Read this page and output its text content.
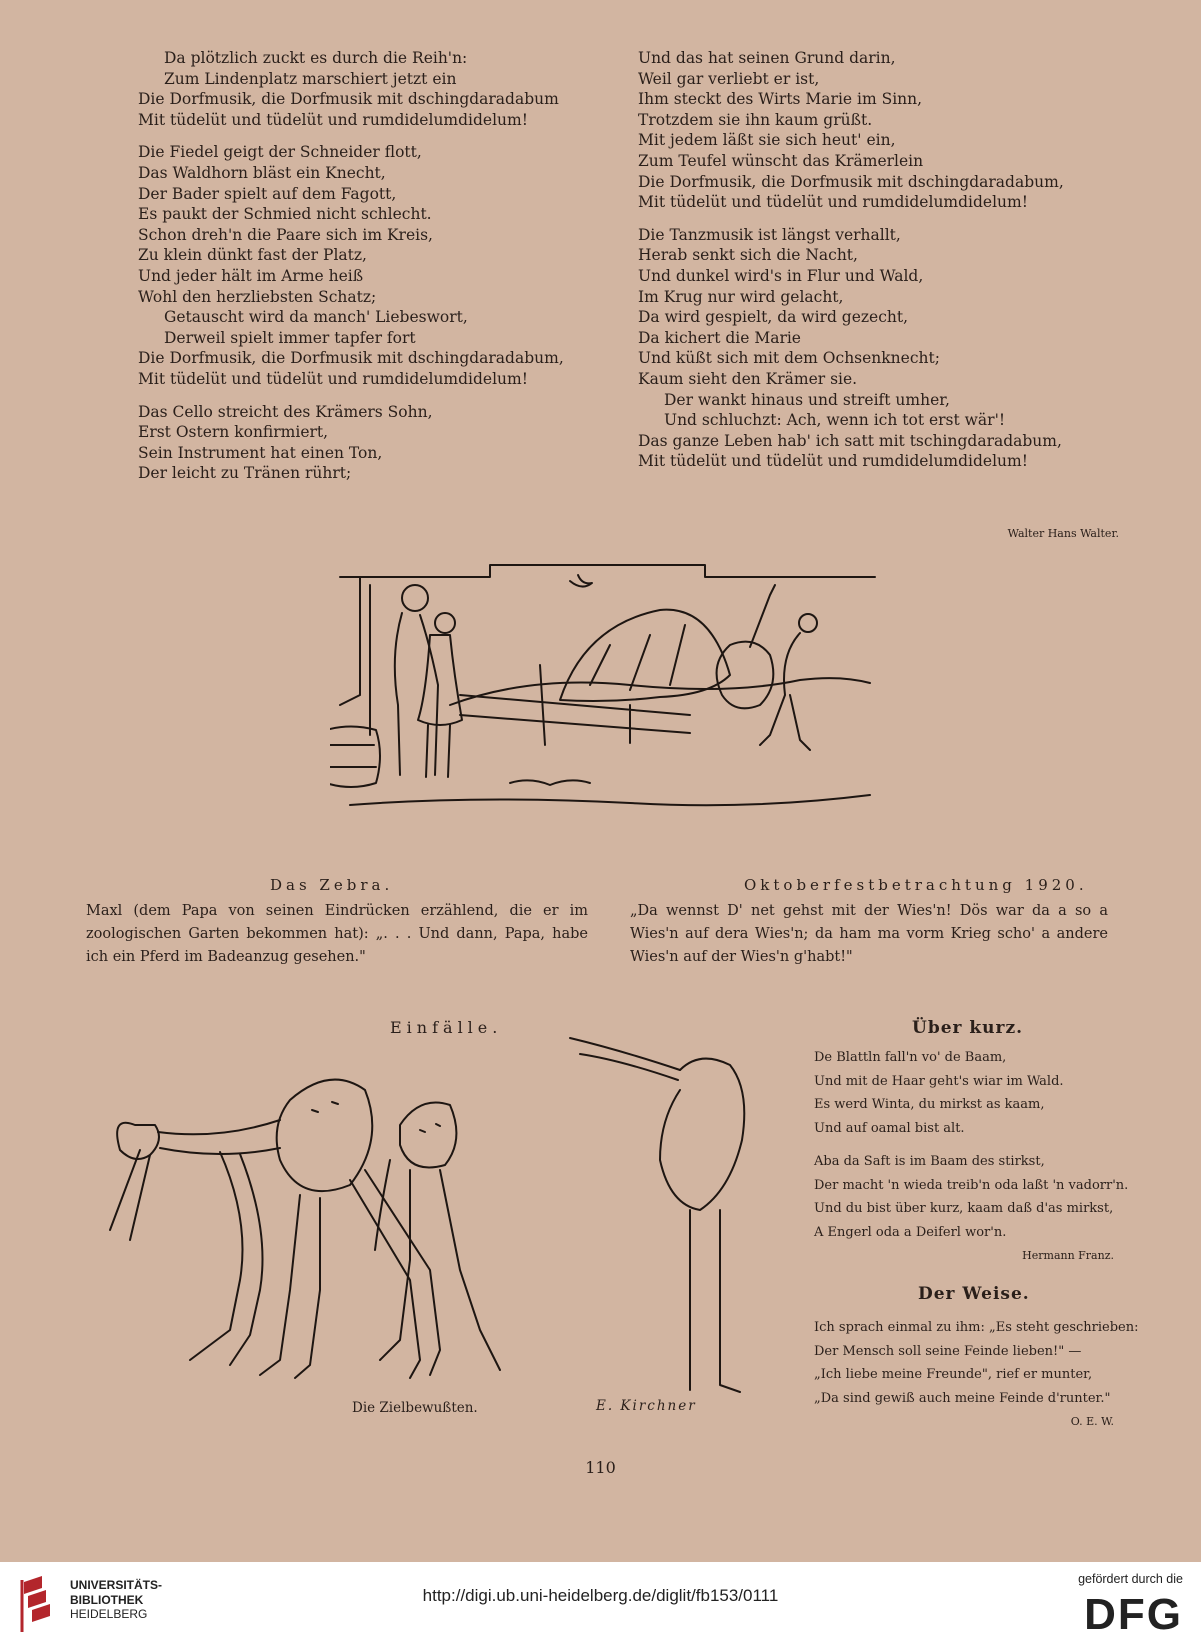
Da plötzlich zuckt es durch die Reih'n:
Zum Lindenplatz marschiert jetzt ein
Die Dorfmusik, die Dorfmusik mit dschingdaradabum
Mit tüdelüt und tüdelüt und rumdidelumdidelum!
Die Fiedel geigt der Schneider flott,
Das Waldhorn bläst ein Knecht,
Der Bader spielt auf dem Fagott,
Es paukt der Schmied nicht schlecht.
Schon dreh'n die Paare sich im Kreis,
Zu klein dünkt fast der Platz,
Und jeder hält im Arme heiß
Wohl den herzliebsten Schatz;
Getauscht wird da manch' Liebeswort,
Derweil spielt immer tapfer fort
Die Dorfmusik, die Dorfmusik mit dschingdaradabum,
Mit tüdelüt und tüdelüt und rumdidelumdidelum!
Das Cello streicht des Krämers Sohn,
Erst Ostern konfirmiert,
Sein Instrument hat einen Ton,
Der leicht zu Tränen rührt;
Und das hat seinen Grund darin,
Weil gar verliebt er ist,
Ihm steckt des Wirts Marie im Sinn,
Trotzdem sie ihn kaum grüßt.
Mit jedem läßt sie sich heut' ein,
Zum Teufel wünscht das Krämerlein
Die Dorfmusik, die Dorfmusik mit dschingdaradabum,
Mit tüdelüt und tüdelüt und rumdidelumdidelum!
Die Tanzmusik ist längst verhallt,
Herab senkt sich die Nacht,
Und dunkel wird's in Flur und Wald,
Im Krug nur wird gelacht,
Da wird gespielt, da wird gezecht,
Da kichert die Marie
Und küßt sich mit dem Ochsenknecht;
Kaum sieht den Krämer sie.
Der wankt hinaus und streift umher,
Und schluchzt: Ach, wenn ich tot erst wär'!
Das ganze Leben hab' ich satt mit tschingdaradabum,
Mit tüdelüt und tüdelüt und rumdidelumdidelum!
Walter Hans Walter.
Das Zebra.
Maxl (dem Papa von seinen Eindrücken erzählend, die er im zoologischen Garten bekommen hat): „. . . Und dann, Papa, habe ich ein Pferd im Badeanzug gesehen."
Oktoberfestbetrachtung 1920.
„Da wennst D' net gehst mit der Wies'n! Dös war da a so a Wies'n auf dera Wies'n; da ham ma vorm Krieg scho' a andere Wies'n auf der Wies'n g'habt!"
Einfälle.
Die Zielbewußten.	E. Kirchner
Über kurz.
De Blattln fall'n vo' de Baam,
Und mit de Haar geht's wiar im Wald.
Es werd Winta, du mirkst as kaam,
Und auf oamal bist alt.
Aba da Saft is im Baam des stirkst,
Der macht 'n wieda treib'n oda laßt 'n vadorr'n.
Und du bist über kurz, kaam daß d'as mirkst,
A Engerl oda a Deiferl wor'n.
Hermann Franz.
Der Weise.
Ich sprach einmal zu ihm: „Es steht geschrieben:
Der Mensch soll seine Feinde lieben!" —
„Ich liebe meine Freunde", rief er munter,
„Da sind gewiß auch meine Feinde d'runter."
O. E. W.
110
UNIVERSITÄTS-
BIBLIOTHEK
HEIDELBERG
http://digi.ub.uni-heidelberg.de/diglit/fb153/0111
gefördert durch die
DFG
